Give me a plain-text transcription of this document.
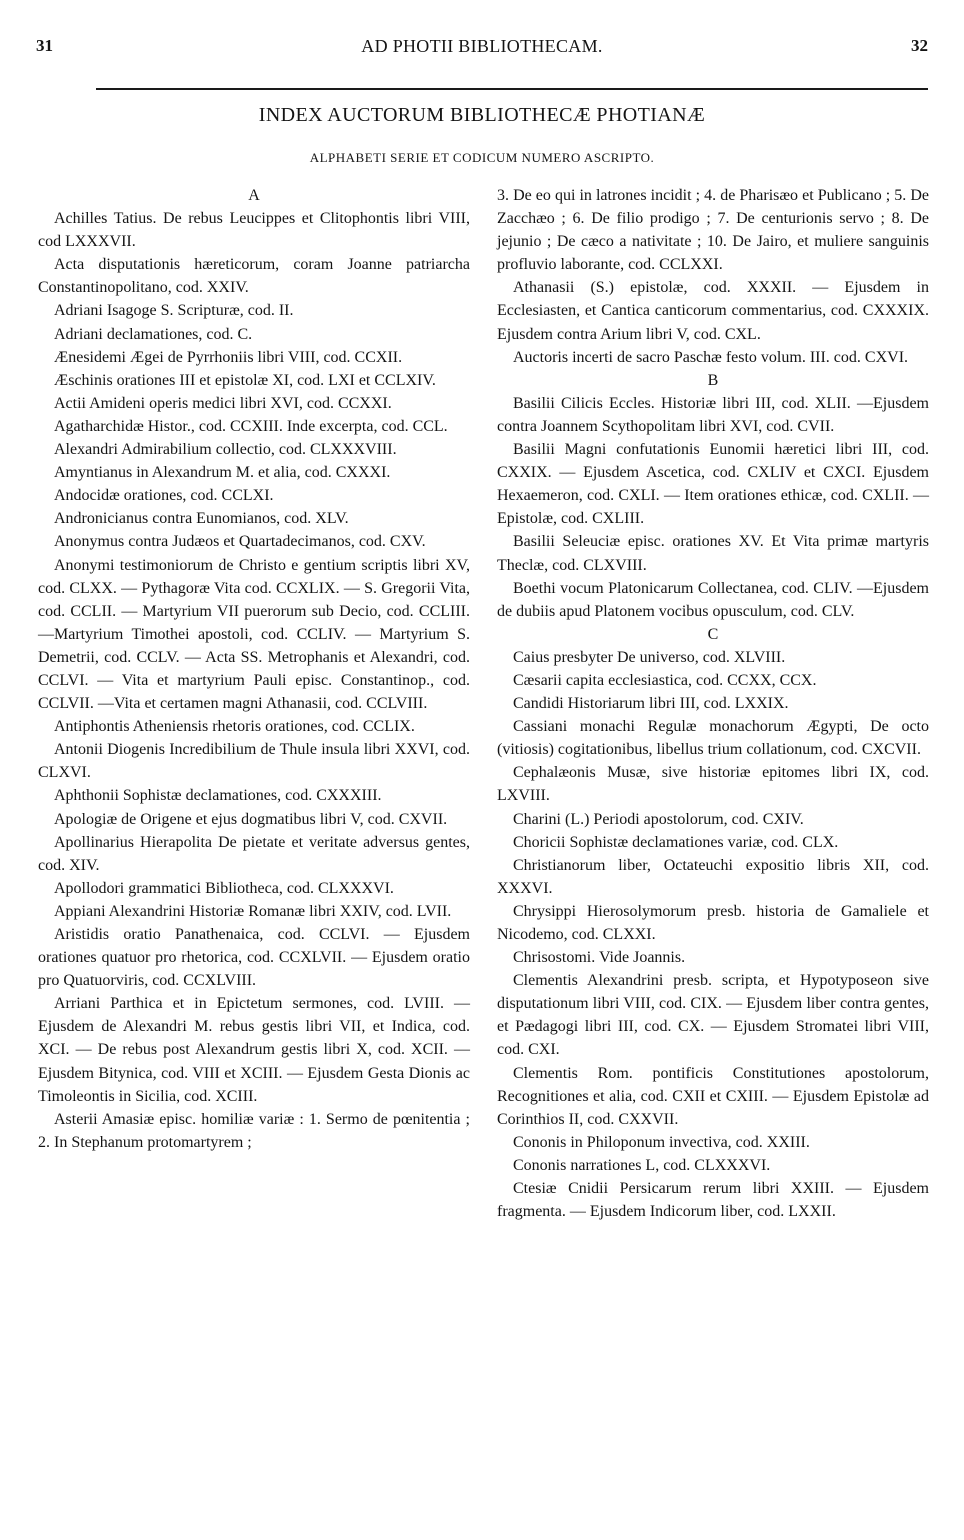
31	AD PHOTII BIBLIOTHECAM.	32
INDEX AUCTORUM BIBLIOTHECÆ PHOTIANÆ
ALPHABETI SERIE ET CODICUM NUMERO ASCRIPTO.
A
Achilles Tatius. De rebus Leucippes et Clitophontis libri VIII, cod LXXXVII.
Acta disputationis hæreticorum, coram Joanne patriarcha Constantinopolitano, cod. XXIV.
Adriani Isagoge S. Scripturæ, cod. II.
Adriani declamationes, cod. C.
Ænesidemi Ægei de Pyrrhoniis libri VIII, cod. CCXII.
Æschinis orationes III et epistolæ XI, cod. LXI et CCLXIV.
Actii Amideni operis medici libri XVI, cod. CCXXI.
Agatharchidæ Histor., cod. CCXIII. Inde excerpta, cod. CCL.
Alexandri Admirabilium collectio, cod. CLXXXVIII.
Amyntianus in Alexandrum M. et alia, cod. CXXXI.
Andocidæ orationes, cod. CCLXI.
Andronicianus contra Eunomianos, cod. XLV.
Anonymus contra Judæos et Quartadecimanos, cod. CXV.
Anonymi testimoniorum de Christo e gentium scriptis libri XV, cod. CLXX. — Pythagoræ Vita cod. CCXLIX. — S. Gregorii Vita, cod. CCLII. — Martyrium VII puerorum sub Decio, cod. CCLIII. —Martyrium Timothei apostoli, cod. CCLIV. — Martyrium S. Demetrii, cod. CCLV. — Acta SS. Metrophanis et Alexandri, cod. CCLVI. — Vita et martyrium Pauli episc. Constantinop., cod. CCLVII. —Vita et certamen magni Athanasii, cod. CCLVIII.
Antiphontis Atheniensis rhetoris orationes, cod. CCLIX.
Antonii Diogenis Incredibilium de Thule insula libri XXVI, cod. CLXVI.
Aphthonii Sophistæ declamationes, cod. CXXXIII.
Apologiæ de Origene et ejus dogmatibus libri V, cod. CXVII.
Apollinarius Hierapolita De pietate et veritate adversus gentes, cod. XIV.
Apollodori grammatici Bibliotheca, cod. CLXXXVI.
Appiani Alexandrini Historiæ Romanæ libri XXIV, cod. LVII.
Aristidis oratio Panathenaica, cod. CCLVI. — Ejusdem orationes quatuor pro rhetorica, cod. CCXLVII. — Ejusdem oratio pro Quatuorviris, cod. CCXLVIII.
Arriani Parthica et in Epictetum sermones, cod. LVIII. — Ejusdem de Alexandri M. rebus gestis libri VII, et Indica, cod. XCI. — De rebus post Alexandrum gestis libri X, cod. XCII. — Ejusdem Bitynica, cod. VIII et XCIII. — Ejusdem Gesta Dionis ac Timoleontis in Sicilia, cod. XCIII.
Asterii Amasiæ episc. homiliæ variæ : 1. Sermo de pœnitentia ; 2. In Stephanum protomartyrem ;
3. De eo qui in latrones incidit ; 4. de Pharisæo et Publicano ; 5. De Zacchæo ; 6. De filio prodigo ; 7. De centurionis servo ; 8. De jejunio ; De cæco a nativitate ; 10. De Jairo, et muliere sanguinis profluvio laborante, cod. CCLXXI.
Athanasii (S.) epistolæ, cod. XXXII. — Ejusdem in Ecclesiasten, et Cantica canticorum commentarius, cod. CXXXIX. Ejusdem contra Arium libri V, cod. CXL.
Auctoris incerti de sacro Paschæ festo volum. III. cod. CXVI.
B
Basilii Cilicis Eccles. Historiæ libri III, cod. XLII. —Ejusdem contra Joannem Scythopolitam libri XVI, cod. CVII.
Basilii Magni confutationis Eunomii hæretici libri III, cod. CXXIX. — Ejusdem Ascetica, cod. CXLIV et CXCI. Ejusdem Hexaemeron, cod. CXLI. — Item orationes ethicæ, cod. CXLII. — Epistolæ, cod. CXLIII.
Basilii Seleuciæ episc. orationes XV. Et Vita primæ martyris Theclæ, cod. CLXVIII.
Boethi vocum Platonicarum Collectanea, cod. CLIV. —Ejusdem de dubiis apud Platonem vocibus opusculum, cod. CLV.
C
Caius presbyter De universo, cod. XLVIII.
Cæsarii capita ecclesiastica, cod. CCXX, CCX.
Candidi Historiarum libri III, cod. LXXIX.
Cassiani monachi Regulæ monachorum Ægypti, De octo (vitiosis) cogitationibus, libellus trium collationum, cod. CXCVII.
Cephalæonis Musæ, sive historiæ epitomes libri IX, cod. LXVIII.
Charini (L.) Periodi apostolorum, cod. CXIV.
Choricii Sophistæ declamationes variæ, cod. CLX.
Christianorum liber, Octateuchi expositio libris XII, cod. XXXVI.
Chrysippi Hierosolymorum presb. historia de Gamaliele et Nicodemo, cod. CLXXI.
Chrisostomi. Vide Joannis.
Clementis Alexandrini presb. scripta, et Hypotyposeon sive disputationum libri VIII, cod. CIX. — Ejusdem liber contra gentes, et Pædagogi libri III, cod. CX. — Ejusdem Stromatei libri VIII, cod. CXI.
Clementis Rom. pontificis Constitutiones apostolorum, Recognitiones et alia, cod. CXII et CXIII. — Ejusdem Epistolæ ad Corinthios II, cod. CXXVII.
Cononis in Philoponum invectiva, cod. XXIII.
Cononis narrationes L, cod. CLXXXVI.
Ctesiæ Cnidii Persicarum rerum libri XXIII. — Ejusdem fragmenta. — Ejusdem Indicorum liber, cod. LXXII.
